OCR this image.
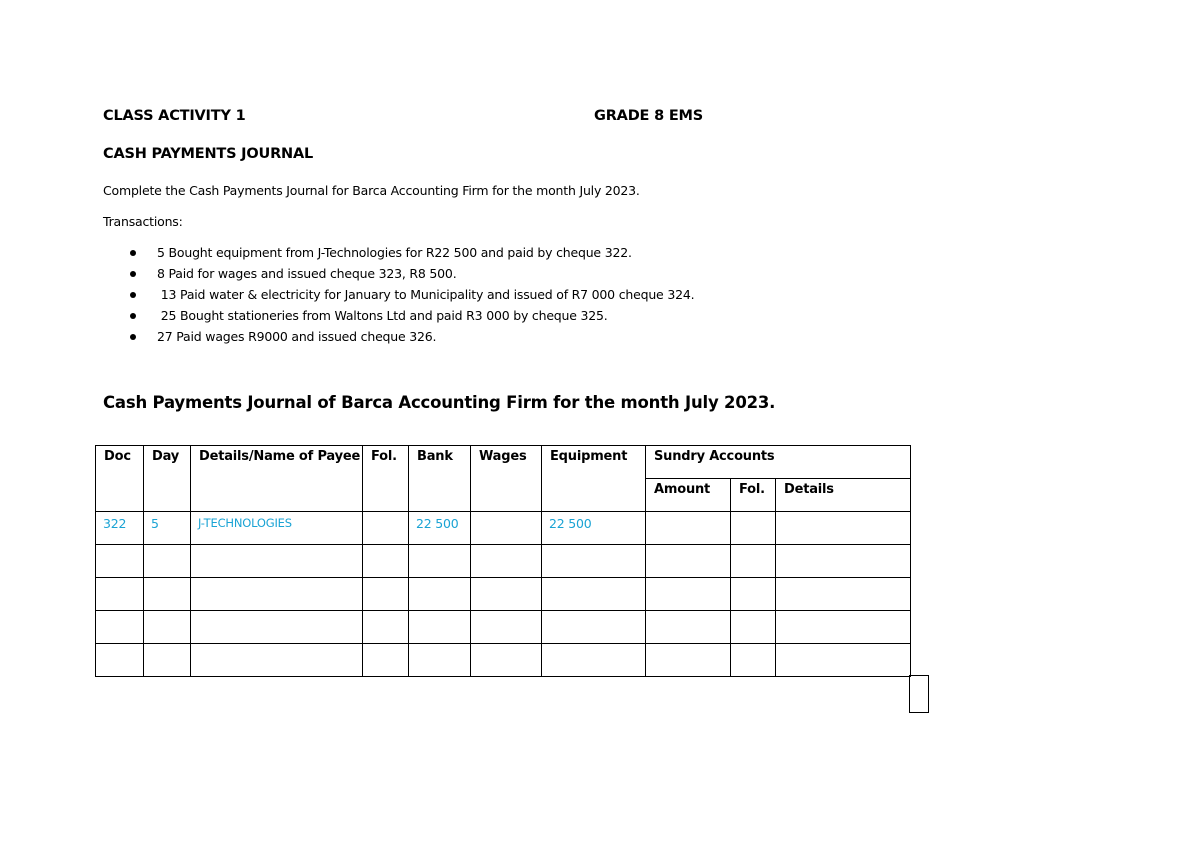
CLASS ACTIVITY 1	GRADE 8 EMS
CASH PAYMENTS JOURNAL
Complete the Cash Payments Journal for Barca Accounting Firm for the month July 2023.
Transactions:
5 Bought equipment from J-Technologies for R22 500 and paid by cheque 322.
8 Paid for wages and issued cheque 323, R8 500.
13 Paid water & electricity for January to Municipality and issued of R7 000 cheque 324.
25 Bought stationeries from Waltons Ltd and paid R3 000 by cheque 325.
27 Paid wages R9000 and issued cheque 326.
Cash Payments Journal of Barca Accounting Firm for the month July 2023.
Doc	Day	Details/Name of Payee	Fol.	Bank	Wages	Equipment	Sundry Accounts		

							Amount	Fol.	Details

322	5	J-TECHNOLOGIES		22 500		22 500			
